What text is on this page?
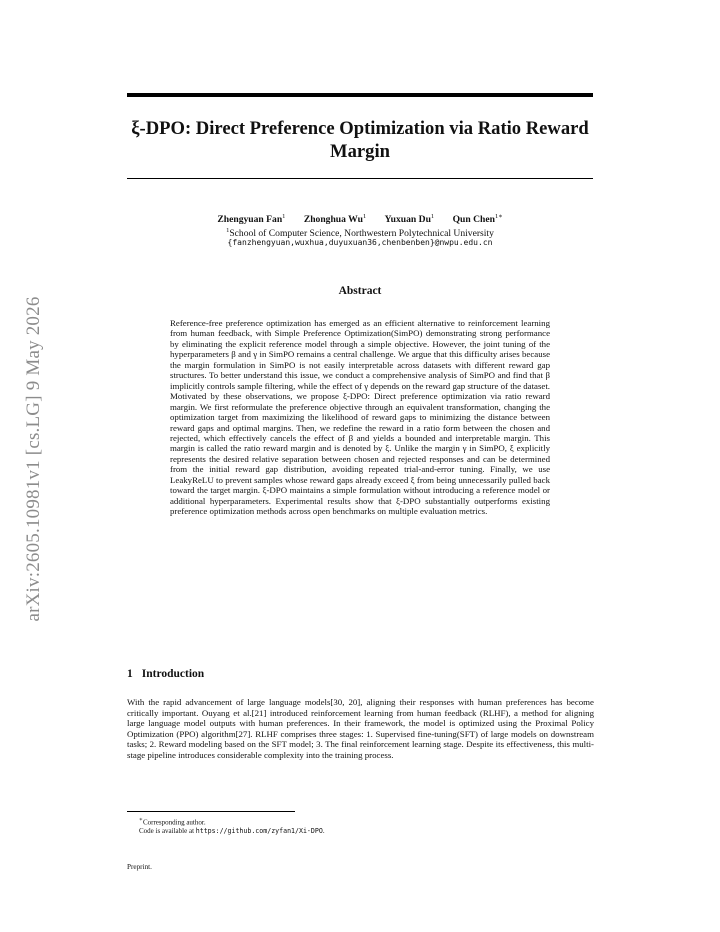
arXiv:2605.10981v1 [cs.LG] 9 May 2026
ξ-DPO: Direct Preference Optimization via Ratio Reward Margin
Zhengyuan Fan$^1$ Zhonghua Wu$^1$ Yuxuan Du$^1$ Qun Chen$^{1∗}$
$^1$School of Computer Science, Northwestern Polytechnical University
{fanzhengyuan,wuxhua,duyuxuan36,chenbenben}@nwpu.edu.cn
Abstract
Reference-free preference optimization has emerged as an efficient alternative to reinforcement learning from human feedback, with Simple Preference Optimization(SimPO) demonstrating strong performance by eliminating the explicit reference model through a simple objective. However, the joint tuning of the hyperparameters β and γ in SimPO remains a central challenge. We argue that this difficulty arises because the margin formulation in SimPO is not easily interpretable across datasets with different reward gap structures. To better understand this issue, we conduct a comprehensive analysis of SimPO and find that β implicitly controls sample filtering, while the effect of γ depends on the reward gap structure of the dataset. Motivated by these observations, we propose ξ-DPO: Direct preference optimization via ratio reward margin. We first reformulate the preference objective through an equivalent transformation, changing the optimization target from maximizing the likelihood of reward gaps to minimizing the distance between reward gaps and optimal margins. Then, we redefine the reward in a ratio form between the chosen and rejected, which effectively cancels the effect of β and yields a bounded and interpretable margin. This margin is called the ratio reward margin and is denoted by ξ. Unlike the margin γ in SimPO, ξ explicitly represents the desired relative separation between chosen and rejected responses and can be determined from the initial reward gap distribution, avoiding repeated trial-and-error tuning. Finally, we use LeakyReLU to prevent samples whose reward gaps already exceed ξ from being unnecessarily pulled back toward the target margin. ξ-DPO maintains a simple formulation without introducing a reference model or additional hyperparameters. Experimental results show that ξ-DPO substantially outperforms existing preference optimization methods across open benchmarks on multiple evaluation metrics.
1 Introduction
With the rapid advancement of large language models[30, 20], aligning their responses with human preferences has become critically important. Ouyang et al.[21] introduced reinforcement learning from human feedback (RLHF), a method for aligning large language model outputs with human preferences. In their framework, the model is optimized using the Proximal Policy Optimization (PPO) algorithm[27]. RLHF comprises three stages: 1. Supervised fine-tuning(SFT) of large models on downstream tasks; 2. Reward modeling based on the SFT model; 3. The final reinforcement learning stage. Despite its effectiveness, this multi-stage pipeline introduces considerable complexity into the training process.
∗Corresponding author.
Code is available at https://github.com/zyfan1/Xi-DPO.
Preprint.
